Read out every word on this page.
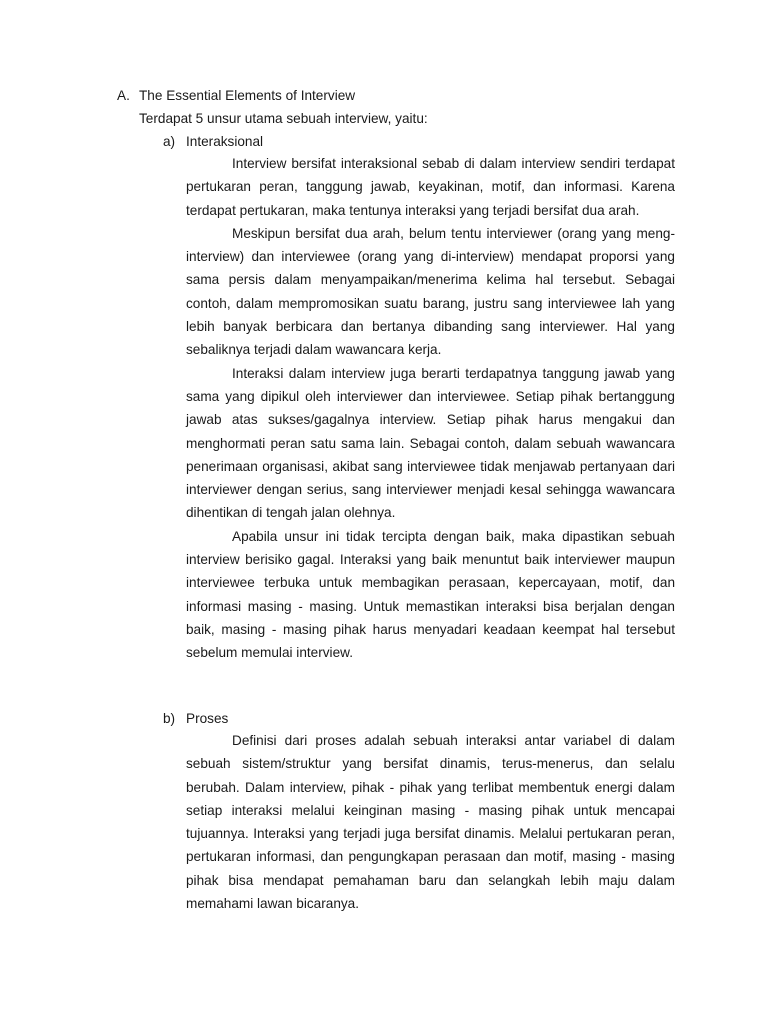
A. The Essential Elements of Interview
Terdapat 5 unsur utama sebuah interview, yaitu:
a) Interaksional

Interview bersifat interaksional sebab di dalam interview sendiri terdapat pertukaran peran, tanggung jawab, keyakinan, motif, dan informasi. Karena terdapat pertukaran, maka tentunya interaksi yang terjadi bersifat dua arah.

Meskipun bersifat dua arah, belum tentu interviewer (orang yang meng-interview) dan interviewee (orang yang di-interview) mendapat proporsi yang sama persis dalam menyampaikan/menerima kelima hal tersebut. Sebagai contoh, dalam mempromosikan suatu barang, justru sang interviewee lah yang lebih banyak berbicara dan bertanya dibanding sang interviewer. Hal yang sebaliknya terjadi dalam wawancara kerja.

Interaksi dalam interview juga berarti terdapatnya tanggung jawab yang sama yang dipikul oleh interviewer dan interviewee. Setiap pihak bertanggung jawab atas sukses/gagalnya interview. Setiap pihak harus mengakui dan menghormati peran satu sama lain. Sebagai contoh, dalam sebuah wawancara penerimaan organisasi, akibat sang interviewee tidak menjawab pertanyaan dari interviewer dengan serius, sang interviewer menjadi kesal sehingga wawancara dihentikan di tengah jalan olehnya.

Apabila unsur ini tidak tercipta dengan baik, maka dipastikan sebuah interview berisiko gagal. Interaksi yang baik menuntut baik interviewer maupun interviewee terbuka untuk membagikan perasaan, kepercayaan, motif, dan informasi masing - masing. Untuk memastikan interaksi bisa berjalan dengan baik, masing - masing pihak harus menyadari keadaan keempat hal tersebut sebelum memulai interview.

b) Proses

Definisi dari proses adalah sebuah interaksi antar variabel di dalam sebuah sistem/struktur yang bersifat dinamis, terus-menerus, dan selalu berubah. Dalam interview, pihak - pihak yang terlibat membentuk energi dalam setiap interaksi melalui keinginan masing - masing pihak untuk mencapai tujuannya. Interaksi yang terjadi juga bersifat dinamis. Melalui pertukaran peran, pertukaran informasi, dan pengungkapan perasaan dan motif, masing - masing pihak bisa mendapat pemahaman baru dan selangkah lebih maju dalam memahami lawan bicaranya.
